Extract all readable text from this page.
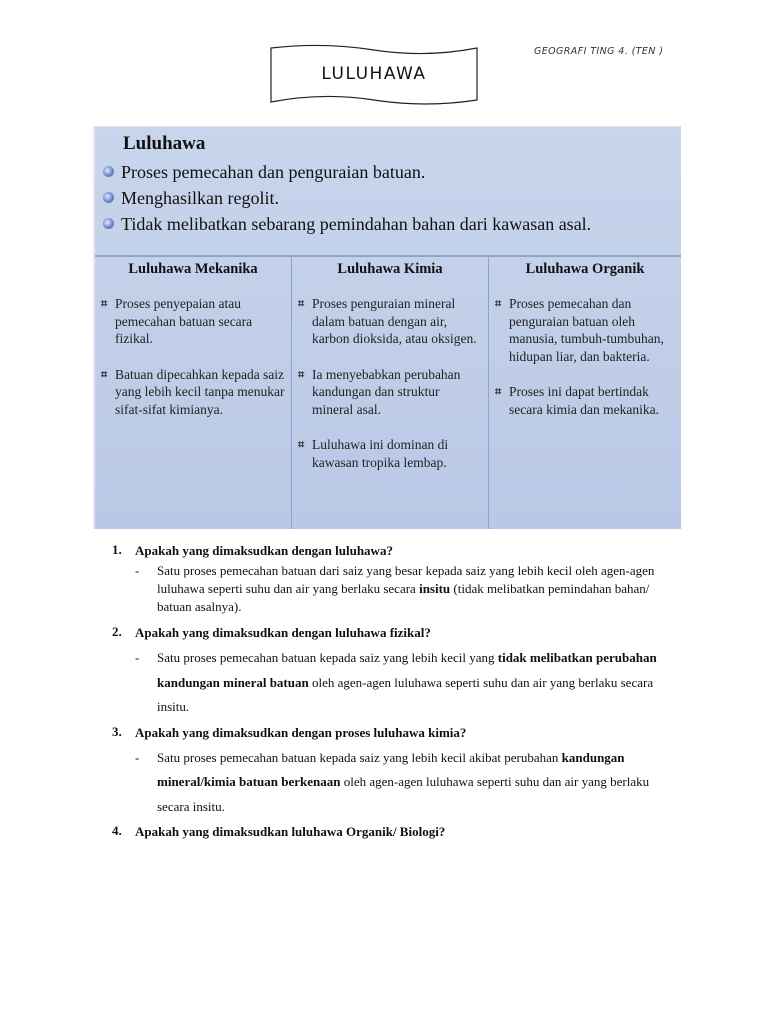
GEOGRAFI TING 4. (TEN )
LULUHAWA
Luluhawa
Proses pemecahan dan penguraian batuan.
Menghasilkan regolit.
Tidak melibatkan sebarang pemindahan bahan dari kawasan asal.
Luluhawa Mekanika
⌗ Proses penyepaian atau pemecahan batuan secara fizikal.
⌗ Batuan dipecahkan kepada saiz yang lebih kecil tanpa menukar sifat-sifat kimianya.
Luluhawa Kimia
⌗ Proses penguraian mineral dalam batuan dengan air, karbon dioksida, atau oksigen.
⌗ Ia menyebabkan perubahan kandungan dan struktur mineral asal.
⌗ Luluhawa ini dominan di kawasan tropika lembap.
Luluhawa Organik
⌗ Proses pemecahan dan penguraian batuan oleh manusia, tumbuh-tumbuhan, hidupan liar, dan bakteria.
⌗ Proses ini dapat bertindak secara kimia dan mekanika.
1. Apakah yang dimaksudkan dengan luluhawa?
- Satu proses pemecahan batuan dari saiz yang besar kepada saiz yang lebih kecil oleh agen-agen luluhawa seperti suhu dan air yang berlaku secara insitu (tidak melibatkan pemindahan bahan/ batuan asalnya).
2. Apakah yang dimaksudkan dengan luluhawa fizikal?
- Satu proses pemecahan batuan kepada saiz yang lebih kecil yang tidak melibatkan perubahan kandungan mineral batuan oleh agen-agen luluhawa seperti suhu dan air yang berlaku secara insitu.
3. Apakah yang dimaksudkan dengan proses luluhawa kimia?
- Satu proses pemecahan batuan kepada saiz yang lebih kecil akibat perubahan kandungan mineral/kimia batuan berkenaan oleh agen-agen luluhawa seperti suhu dan air yang berlaku secara insitu.
4. Apakah yang dimaksudkan luluhawa Organik/ Biologi?
